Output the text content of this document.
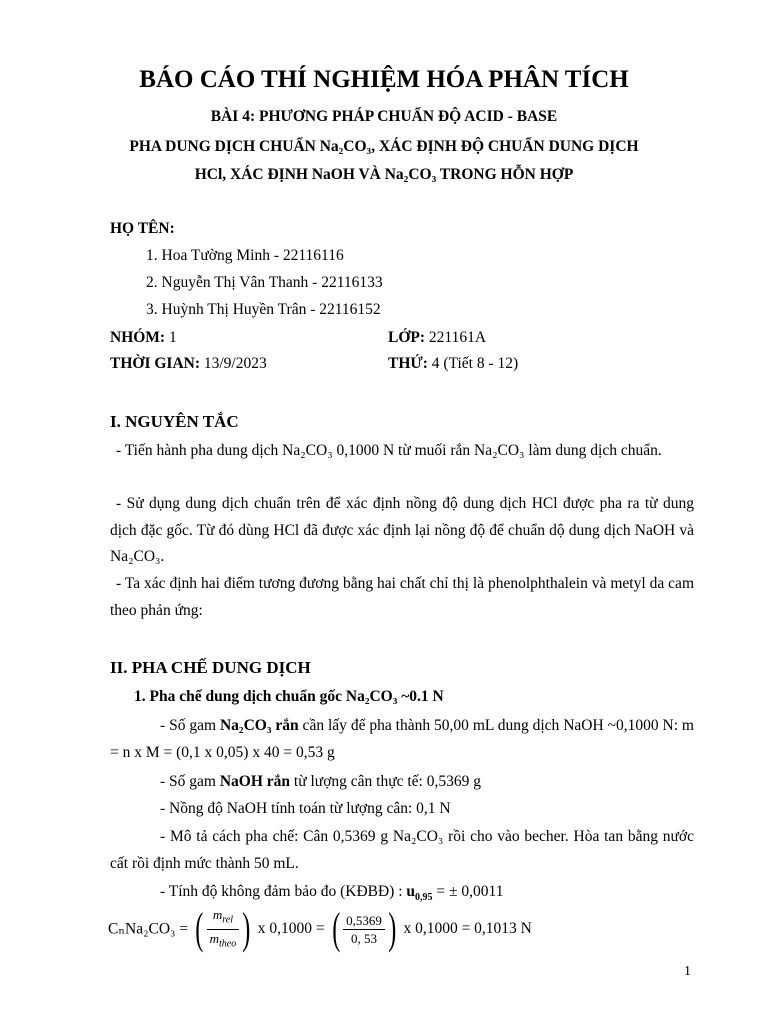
BÁO CÁO THÍ NGHIỆM HÓA PHÂN TÍCH
BÀI 4: PHƯƠNG PHÁP CHUẨN ĐỘ ACID - BASE
PHA DUNG DỊCH CHUẨN Na₂CO₃, XÁC ĐỊNH ĐỘ CHUẨN DUNG DỊCH
HCl, XÁC ĐỊNH NaOH VÀ Na₂CO₃ TRONG HỖN HỢP
HỌ TÊN:
1. Hoa Tường Minh - 22116116
2. Nguyễn Thị Vân Thanh - 22116133
3. Huỳnh Thị Huyền Trân - 22116152
NHÓM: 1	LỚP: 221161A
THỜI GIAN: 13/9/2023	THỨ: 4 (Tiết 8 - 12)
I. NGUYÊN TẮC
- Tiến hành pha dung dịch Na₂CO₃ 0,1000 N từ muối rắn Na₂CO₃ làm dung dịch chuẩn.
- Sử dụng dung dịch chuẩn trên để xác định nồng độ dung dịch HCl được pha ra từ dung dịch đặc gốc. Từ đó dùng HCl đã được xác định lại nồng độ để chuẩn dộ dung dịch NaOH và Na₂CO₃.
- Ta xác định hai điểm tương đương bằng hai chất chỉ thị là phenolphthalein và metyl da cam theo phản ứng:
II. PHA CHẾ DUNG DỊCH
1. Pha chế dung dịch chuẩn gốc Na₂CO₃ ~0.1 N
- Số gam Na₂CO₃ rắn cần lấy để pha thành 50,00 mL dung dịch NaOH ~0,1000 N: m = n x M = (0,1 x 0,05) x 40 = 0,53 g
- Số gam NaOH rắn từ lượng cân thực tế: 0,5369 g
- Nồng độ NaOH tính toán từ lượng cân: 0,1 N
- Mô tả cách pha chế: Cân 0,5369 g Na₂CO₃ rồi cho vào becher. Hòa tan bằng nước cất rồi định mức thành 50 mL.
- Tính độ không đảm bảo đo (KĐBĐ) : $u_{0,95}$ = ± 0,0011
CₙNa₂CO₃ = ( $\frac{m_{rel}}{m_{theo}}$ ) x 0,1000 = ( $\frac{0,5369}{0, 53}$ ) x 0,1000 = 0,1013 N
1
